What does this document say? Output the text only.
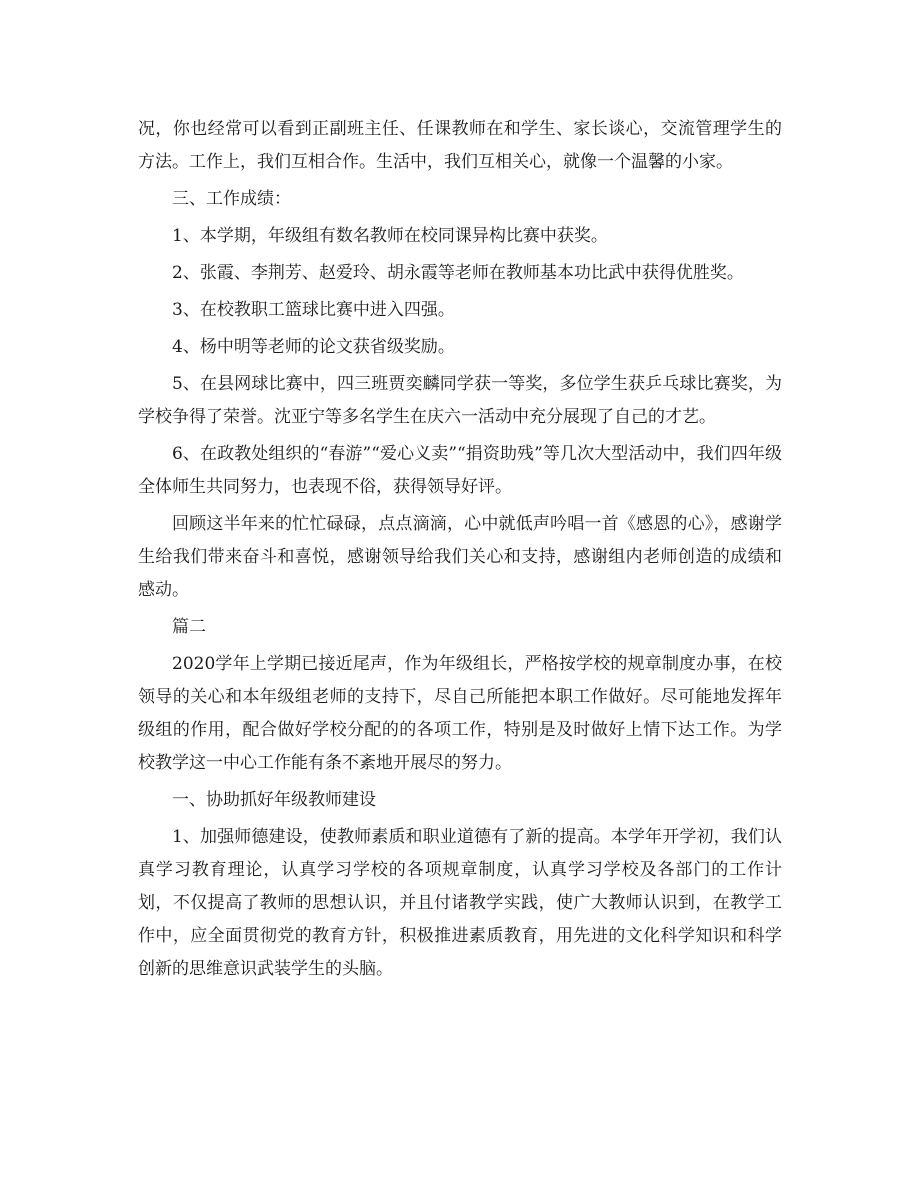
况，你也经常可以看到正副班主任、任课教师在和学生、家长谈心，交流管理学生的方法。工作上，我们互相合作。生活中，我们互相关心，就像一个温馨的小家。

三、工作成绩：

1、本学期，年级组有数名教师在校同课异构比赛中获奖。

2、张霞、李荆芳、赵爱玲、胡永霞等老师在教师基本功比武中获得优胜奖。

3、在校教职工篮球比赛中进入四强。

4、杨中明等老师的论文获省级奖励。

5、在县网球比赛中，四三班贾奕麟同学获一等奖，多位学生获乒乓球比赛奖，为学校争得了荣誉。沈亚宁等多名学生在庆六一活动中充分展现了自己的才艺。

6、在政教处组织的“春游”“爱心义卖”“捐资助残”等几次大型活动中，我们四年级全体师生共同努力，也表现不俗，获得领导好评。

回顾这半年来的忙忙碌碌，点点滴滴，心中就低声吟唱一首《感恩的心》，感谢学生给我们带来奋斗和喜悦，感谢领导给我们关心和支持，感谢组内老师创造的成绩和感动。

篇二

2020学年上学期已接近尾声，作为年级组长，严格按学校的规章制度办事，在校领导的关心和本年级组老师的支持下，尽自己所能把本职工作做好。尽可能地发挥年级组的作用，配合做好学校分配的的各项工作，特别是及时做好上情下达工作。为学校教学这一中心工作能有条不紊地开展尽的努力。

一、协助抓好年级教师建设

1、加强师德建设，使教师素质和职业道德有了新的提高。本学年开学初，我们认真学习教育理论，认真学习学校的各项规章制度，认真学习学校及各部门的工作计划，不仅提高了教师的思想认识，并且付诸教学实践，使广大教师认识到，在教学工作中，应全面贯彻党的教育方针，积极推进素质教育，用先进的文化科学知识和科学创新的思维意识武装学生的头脑。
